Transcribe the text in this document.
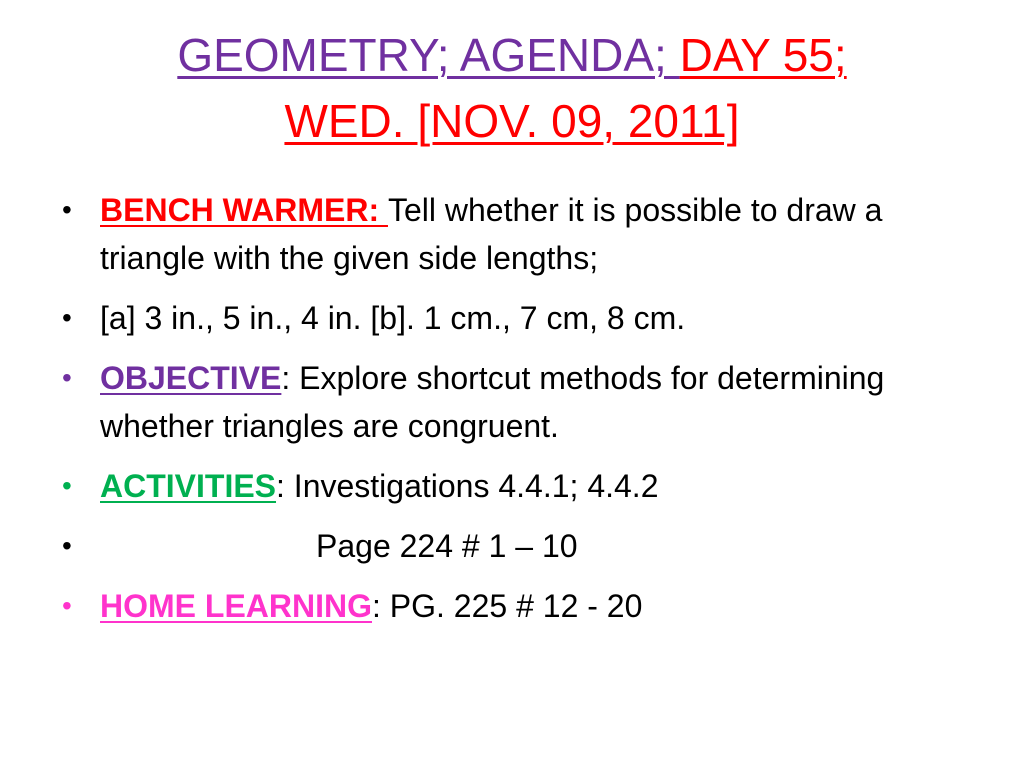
GEOMETRY; AGENDA; DAY 55;
WED. [NOV. 09, 2011]
• BENCH WARMER: Tell whether it is possible to draw a triangle with the given side lengths;
• [a] 3 in., 5 in., 4 in. [b]. 1 cm., 7 cm, 8 cm.
• OBJECTIVE: Explore shortcut methods for determining whether triangles are congruent.
• ACTIVITIES: Investigations 4.4.1; 4.4.2
•	Page 224 # 1 – 10
• HOME LEARNING: PG. 225 # 12 - 20
